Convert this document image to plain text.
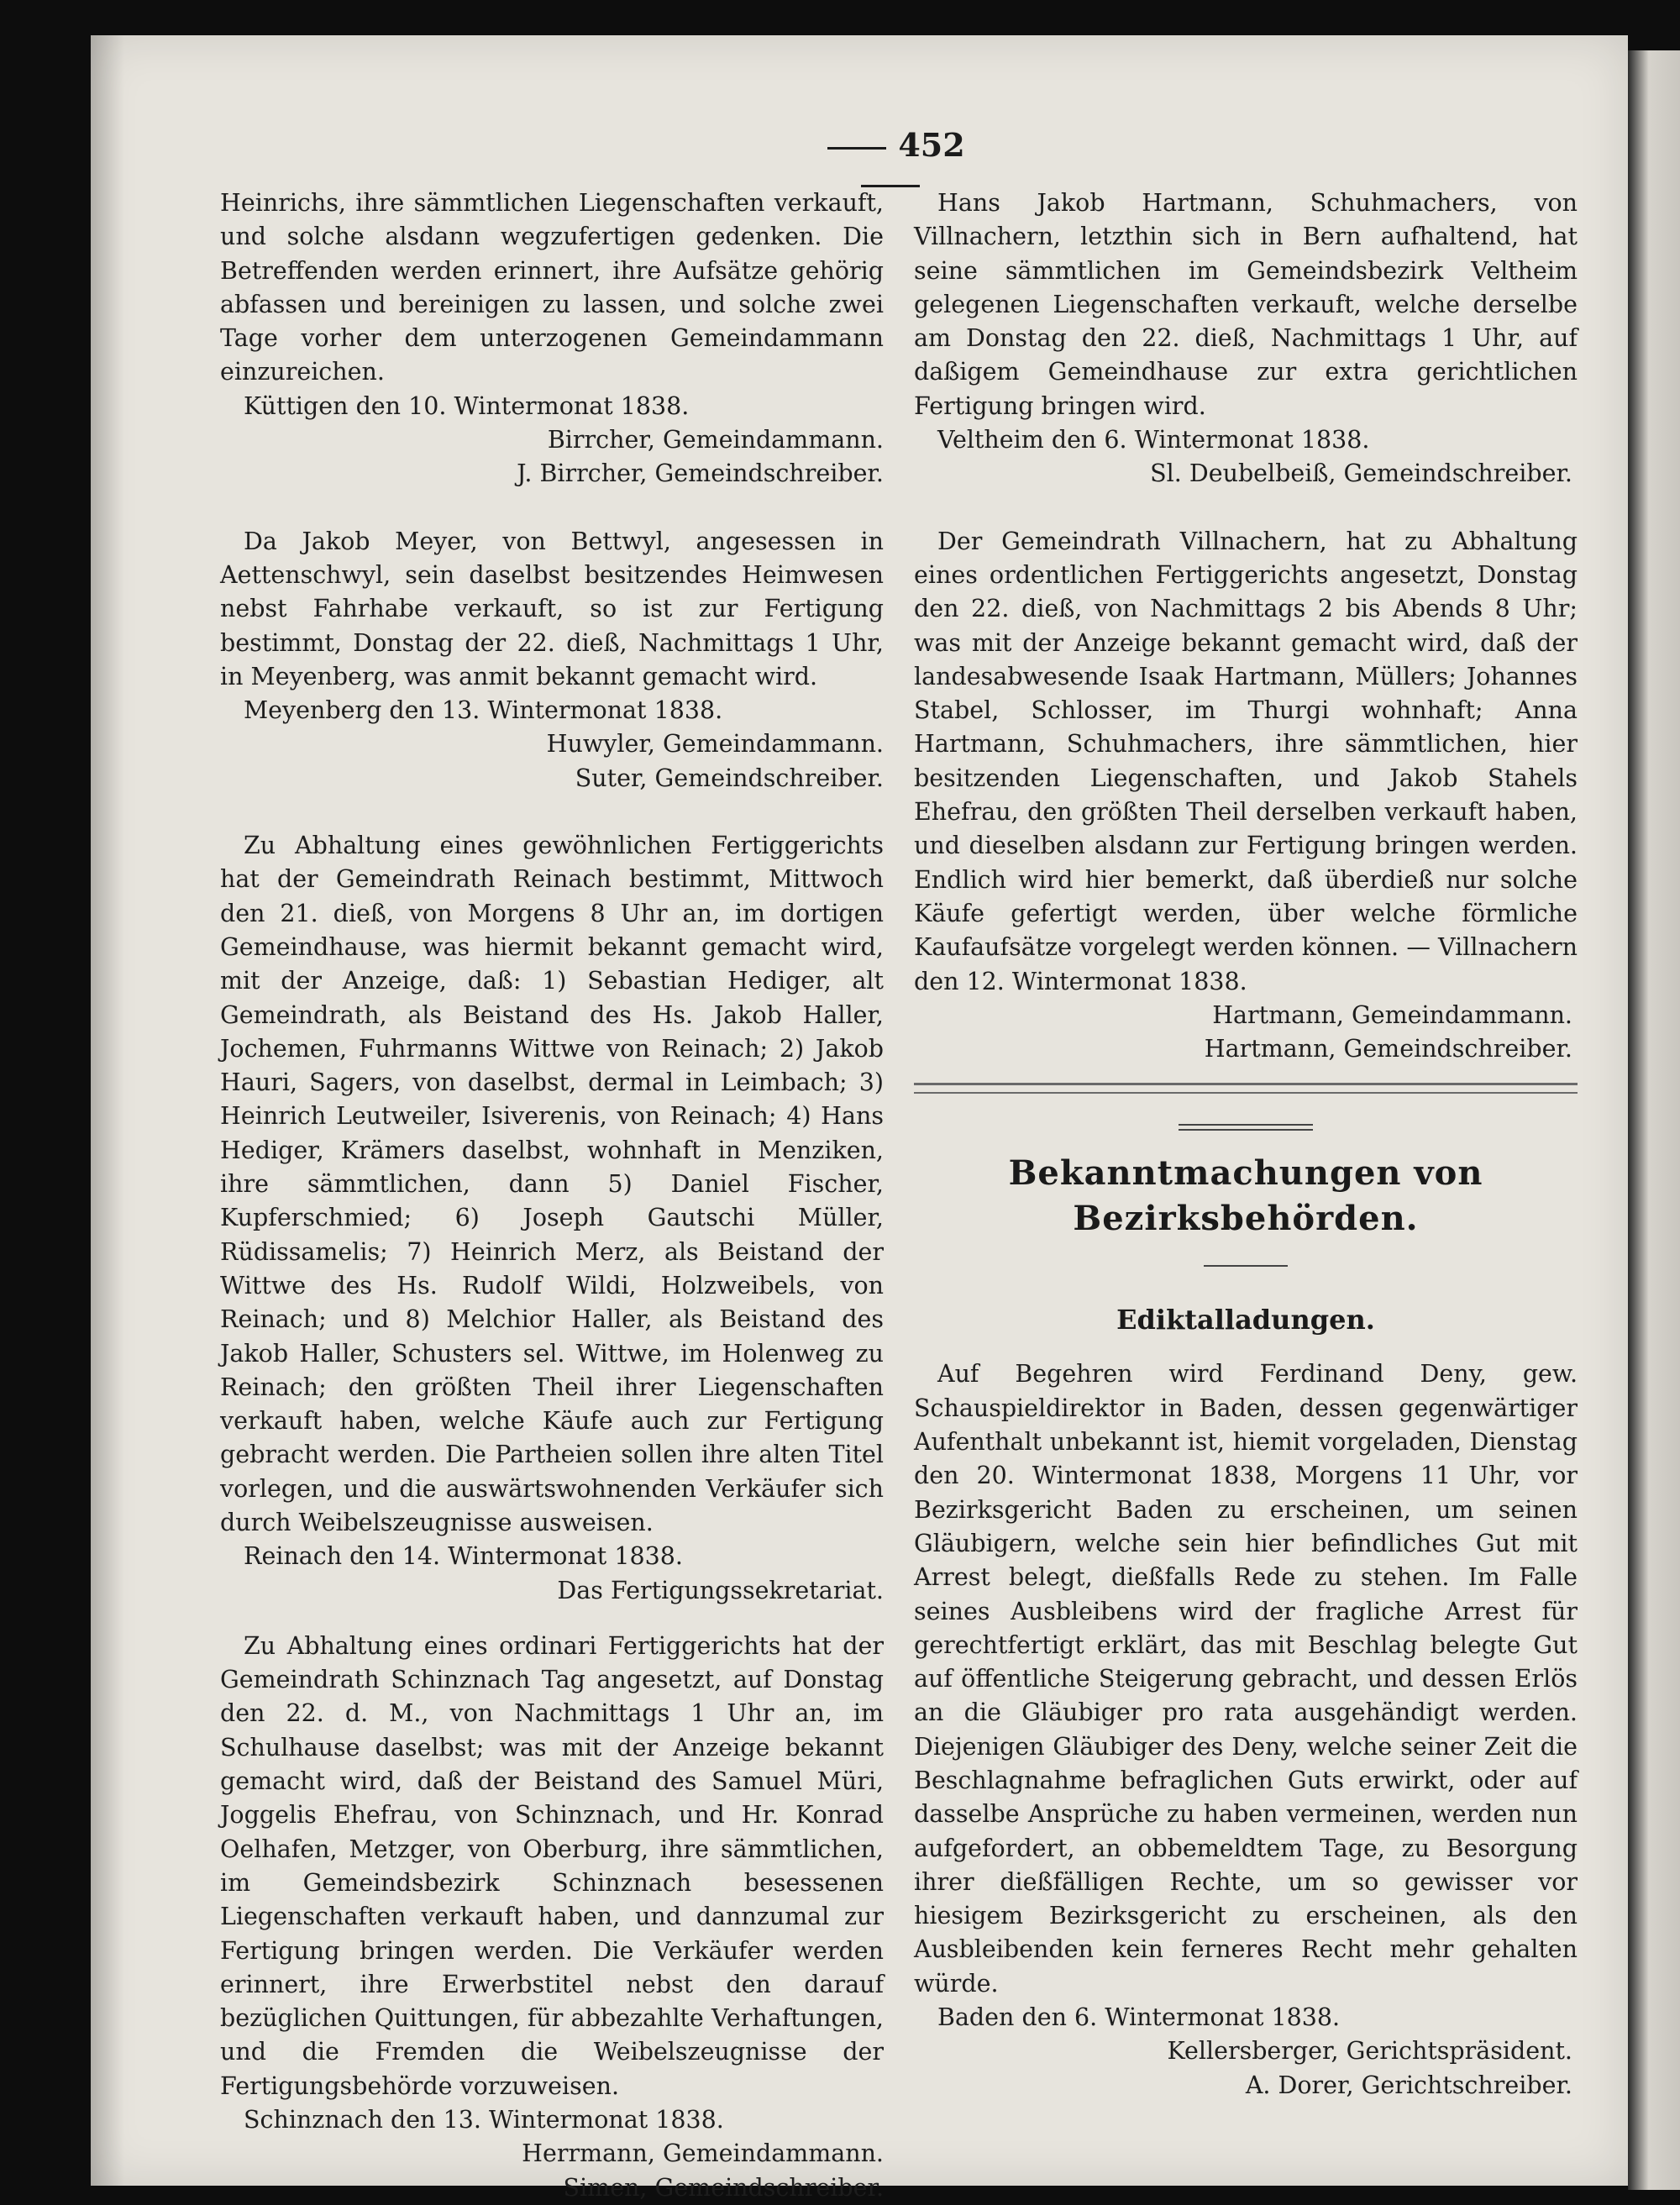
452

Heinrichs, ihre sämmtlichen Liegenschaften verkauft, und solche alsdann wegzufertigen gedenken. Die Betreffenden werden erinnert, ihre Aufsätze gehörig abfassen und bereinigen zu lassen, und solche zwei Tage vorher dem unterzogenen Gemeindammann einzureichen.

Küttigen den 10. Wintermonat 1838.

Birrcher, Gemeindammann.

J. Birrcher, Gemeindschreiber.

Da Jakob Meyer, von Bettwyl, angesessen in Aettenschwyl, sein daselbst besitzendes Heimwesen nebst Fahrhabe verkauft, so ist zur Fertigung bestimmt, Donstag der 22. dieß, Nachmittags 1 Uhr, in Meyenberg, was anmit bekannt gemacht wird.

Meyenberg den 13. Wintermonat 1838.

Huwyler, Gemeindammann.

Suter, Gemeindschreiber.

Zu Abhaltung eines gewöhnlichen Fertiggerichts hat der Gemeindrath Reinach bestimmt, Mittwoch den 21. dieß, von Morgens 8 Uhr an, im dortigen Gemeindhause, was hiermit bekannt gemacht wird, mit der Anzeige, daß: 1) Sebastian Hediger, alt Gemeindrath, als Beistand des Hs. Jakob Haller, Jochemen, Fuhrmanns Wittwe von Reinach; 2) Jakob Hauri, Sagers, von daselbst, dermal in Leimbach; 3) Heinrich Leutweiler, Isiverenis, von Reinach; 4) Hans Hediger, Krämers daselbst, wohnhaft in Menziken, ihre sämmtlichen, dann 5) Daniel Fischer, Kupferschmied; 6) Joseph Gautschi Müller, Rüdissamelis; 7) Heinrich Merz, als Beistand der Wittwe des Hs. Rudolf Wildi, Holzweibels, von Reinach; und 8) Melchior Haller, als Beistand des Jakob Haller, Schusters sel. Wittwe, im Holenweg zu Reinach; den größten Theil ihrer Liegenschaften verkauft haben, welche Käufe auch zur Fertigung gebracht werden. Die Partheien sollen ihre alten Titel vorlegen, und die auswärtswohnenden Verkäufer sich durch Weibelszeugnisse ausweisen.

Reinach den 14. Wintermonat 1838.

Das Fertigungssekretariat.

Zu Abhaltung eines ordinari Fertiggerichts hat der Gemeindrath Schinznach Tag angesetzt, auf Donstag den 22. d. M., von Nachmittags 1 Uhr an, im Schulhause daselbst; was mit der Anzeige bekannt gemacht wird, daß der Beistand des Samuel Müri, Joggelis Ehefrau, von Schinznach, und Hr. Konrad Oelhafen, Metzger, von Oberburg, ihre sämmtlichen, im Gemeindsbezirk Schinznach besessenen Liegenschaften verkauft haben, und dannzumal zur Fertigung bringen werden. Die Verkäufer werden erinnert, ihre Erwerbstitel nebst den darauf bezüglichen Quittungen, für abbezahlte Verhaftungen, und die Fremden die Weibelszeugnisse der Fertigungsbehörde vorzuweisen.

Schinznach den 13. Wintermonat 1838.

Herrmann, Gemeindammann.

Simen, Gemeindschreiber.

Hans Jakob Hartmann, Schuhmachers, von Villnachern, letzthin sich in Bern aufhaltend, hat seine sämmtlichen im Gemeindsbezirk Veltheim gelegenen Liegenschaften verkauft, welche derselbe am Donstag den 22. dieß, Nachmittags 1 Uhr, auf daßigem Gemeindhause zur extra gerichtlichen Fertigung bringen wird.

Veltheim den 6. Wintermonat 1838.

Sl. Deubelbeiß, Gemeindschreiber.

Der Gemeindrath Villnachern, hat zu Abhaltung eines ordentlichen Fertiggerichts angesetzt, Donstag den 22. dieß, von Nachmittags 2 bis Abends 8 Uhr; was mit der Anzeige bekannt gemacht wird, daß der landesabwesende Isaak Hartmann, Müllers; Johannes Stabel, Schlosser, im Thurgi wohnhaft; Anna Hartmann, Schuhmachers, ihre sämmtlichen, hier besitzenden Liegenschaften, und Jakob Stahels Ehefrau, den größten Theil derselben verkauft haben, und dieselben alsdann zur Fertigung bringen werden. Endlich wird hier bemerkt, daß überdieß nur solche Käufe gefertigt werden, über welche förmliche Kaufaufsätze vorgelegt werden können. — Villnachern den 12. Wintermonat 1838.

Hartmann, Gemeindammann.

Hartmann, Gemeindschreiber.

Bekanntmachungen von Bezirksbehörden.

Ediktalladungen.

Auf Begehren wird Ferdinand Deny, gew. Schauspieldirektor in Baden, dessen gegenwärtiger Aufenthalt unbekannt ist, hiemit vorgeladen, Dienstag den 20. Wintermonat 1838, Morgens 11 Uhr, vor Bezirksgericht Baden zu erscheinen, um seinen Gläubigern, welche sein hier befindliches Gut mit Arrest belegt, dießfalls Rede zu stehen. Im Falle seines Ausbleibens wird der fragliche Arrest für gerechtfertigt erklärt, das mit Beschlag belegte Gut auf öffentliche Steigerung gebracht, und dessen Erlös an die Gläubiger pro rata ausgehändigt werden. Diejenigen Gläubiger des Deny, welche seiner Zeit die Beschlagnahme befraglichen Guts erwirkt, oder auf dasselbe Ansprüche zu haben vermeinen, werden nun aufgefordert, an obbemeldtem Tage, zu Besorgung ihrer dießfälligen Rechte, um so gewisser vor hiesigem Bezirksgericht zu erscheinen, als den Ausbleibenden kein ferneres Recht mehr gehalten würde.

Baden den 6. Wintermonat 1838.

Kellersberger, Gerichtspräsident.

A. Dorer, Gerichtschreiber.
